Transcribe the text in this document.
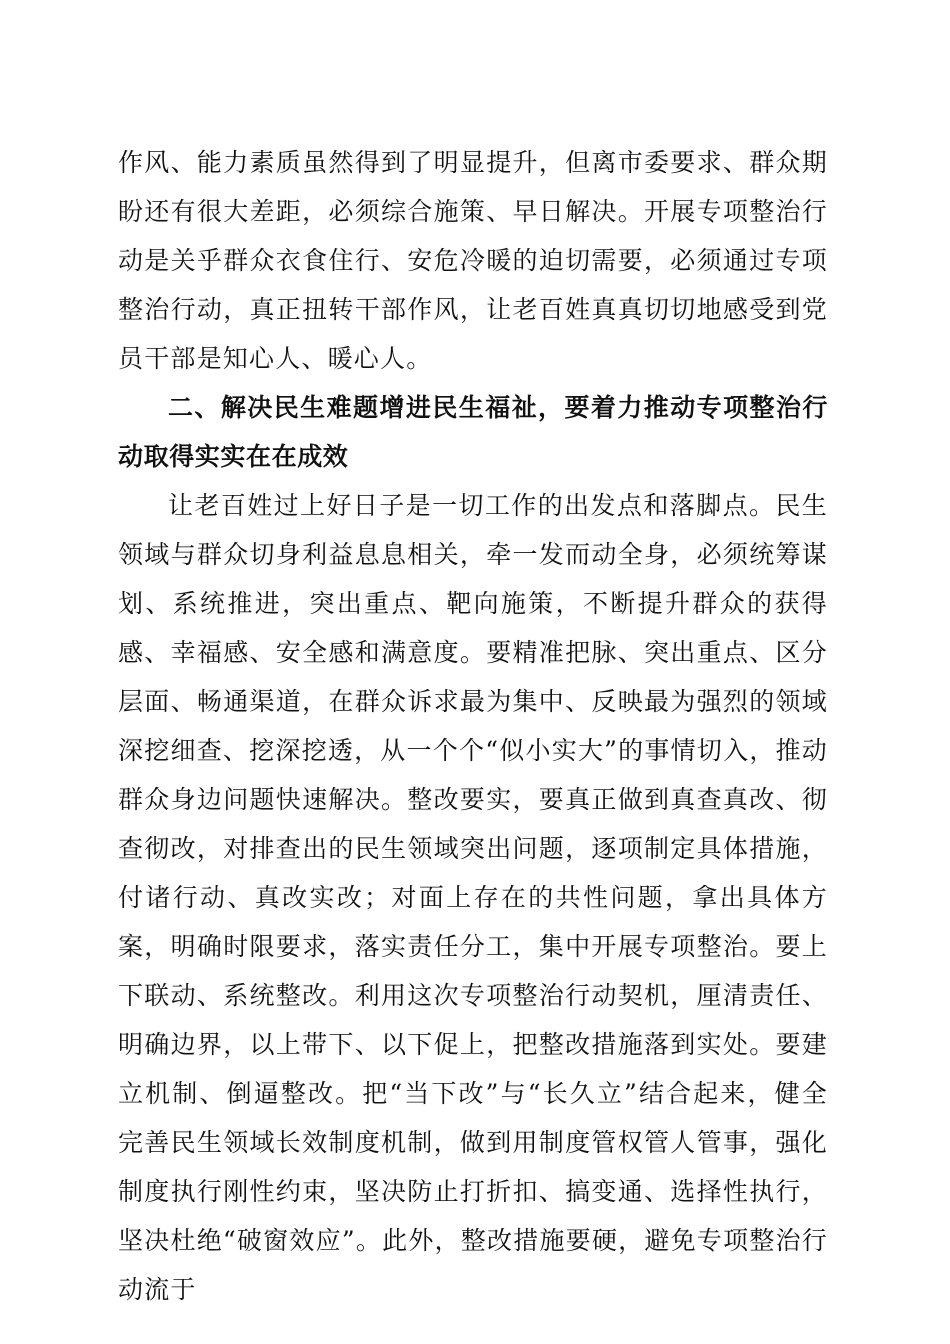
作风、能力素质虽然得到了明显提升，但离市委要求、群众期盼还有很大差距，必须综合施策、早日解决。开展专项整治行动是关乎群众衣食住行、安危冷暖的迫切需要，必须通过专项整治行动，真正扭转干部作风，让老百姓真真切切地感受到党员干部是知心人、暖心人。

二、解决民生难题增进民生福祉，要着力推动专项整治行动取得实实在在成效

让老百姓过上好日子是一切工作的出发点和落脚点。民生领域与群众切身利益息息相关，牵一发而动全身，必须统筹谋划、系统推进，突出重点、靶向施策，不断提升群众的获得感、幸福感、安全感和满意度。要精准把脉、突出重点、区分层面、畅通渠道，在群众诉求最为集中、反映最为强烈的领域深挖细查、挖深挖透，从一个个“似小实大”的事情切入，推动群众身边问题快速解决。整改要实，要真正做到真查真改、彻查彻改，对排查出的民生领域突出问题，逐项制定具体措施，付诸行动、真改实改；对面上存在的共性问题，拿出具体方案，明确时限要求，落实责任分工，集中开展专项整治。要上下联动、系统整改。利用这次专项整治行动契机，厘清责任、明确边界，以上带下、以下促上，把整改措施落到实处。要建立机制、倒逼整改。把“当下改”与“长久立”结合起来，健全完善民生领域长效制度机制，做到用制度管权管人管事，强化制度执行刚性约束，坚决防止打折扣、搞变通、选择性执行，坚决杜绝“破窗效应”。此外，整改措施要硬，避免专项整治行动流于
